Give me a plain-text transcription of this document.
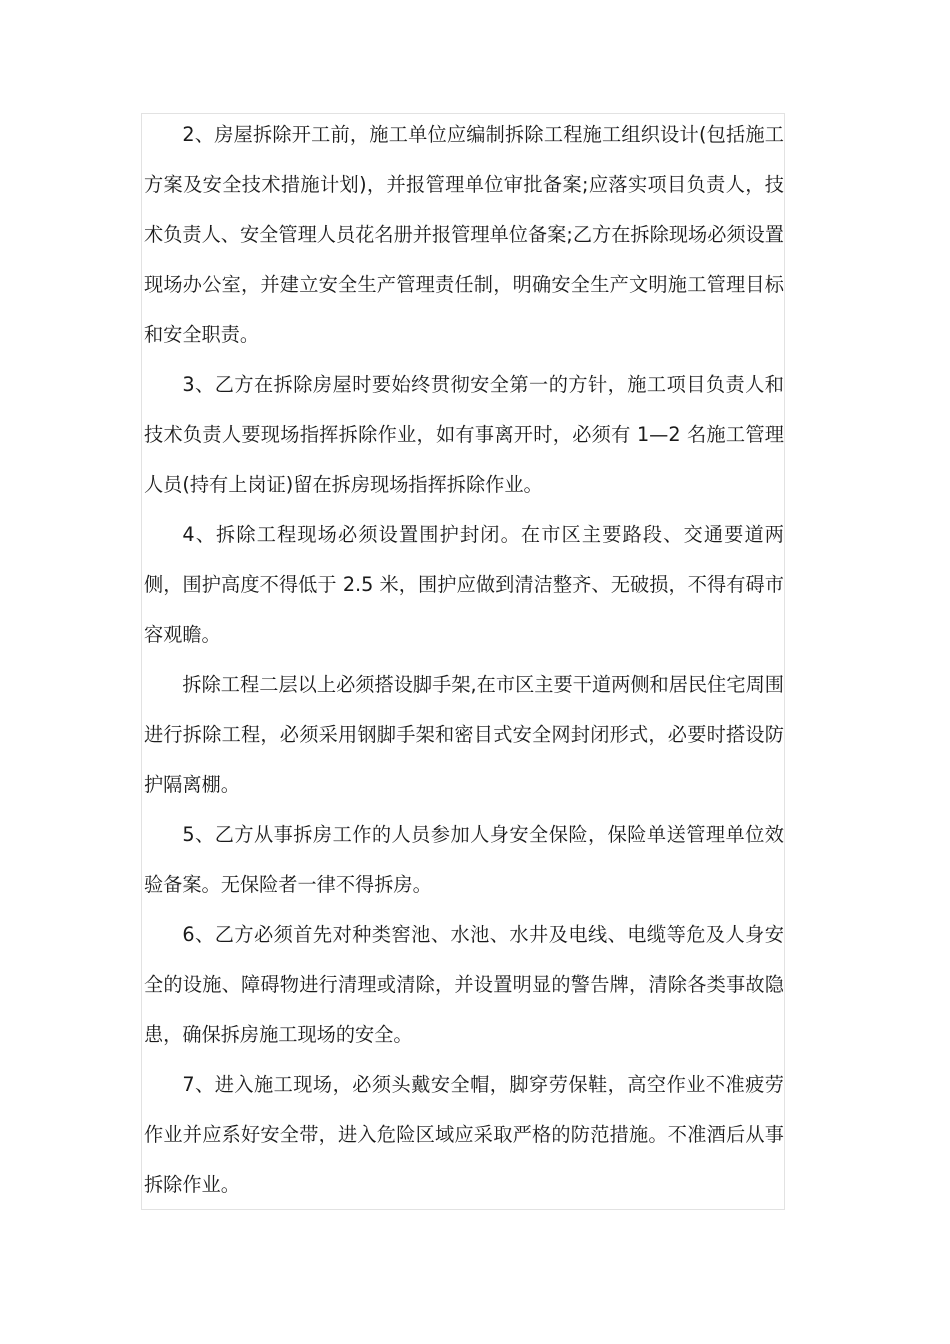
2、房屋拆除开工前，施工单位应编制拆除工程施工组织设计(包括施工方案及安全技术措施计划)，并报管理单位审批备案;应落实项目负责人，技术负责人、安全管理人员花名册并报管理单位备案;乙方在拆除现场必须设置现场办公室，并建立安全生产管理责任制，明确安全生产文明施工管理目标和安全职责。

3、乙方在拆除房屋时要始终贯彻安全第一的方针，施工项目负责人和技术负责人要现场指挥拆除作业，如有事离开时，必须有 1—2 名施工管理人员(持有上岗证)留在拆房现场指挥拆除作业。

4、拆除工程现场必须设置围护封闭。在市区主要路段、交通要道两侧，围护高度不得低于 2.5 米，围护应做到清洁整齐、无破损，不得有碍市容观瞻。

拆除工程二层以上必须搭设脚手架,在市区主要干道两侧和居民住宅周围进行拆除工程，必须采用钢脚手架和密目式安全网封闭形式，必要时搭设防护隔离棚。

5、乙方从事拆房工作的人员参加人身安全保险，保险单送管理单位效验备案。无保险者一律不得拆房。

6、乙方必须首先对种类窖池、水池、水井及电线、电缆等危及人身安全的设施、障碍物进行清理或清除，并设置明显的警告牌，清除各类事故隐患，确保拆房施工现场的安全。

7、进入施工现场，必须头戴安全帽，脚穿劳保鞋，高空作业不准疲劳作业并应系好安全带，进入危险区域应采取严格的防范措施。不准酒后从事拆除作业。
